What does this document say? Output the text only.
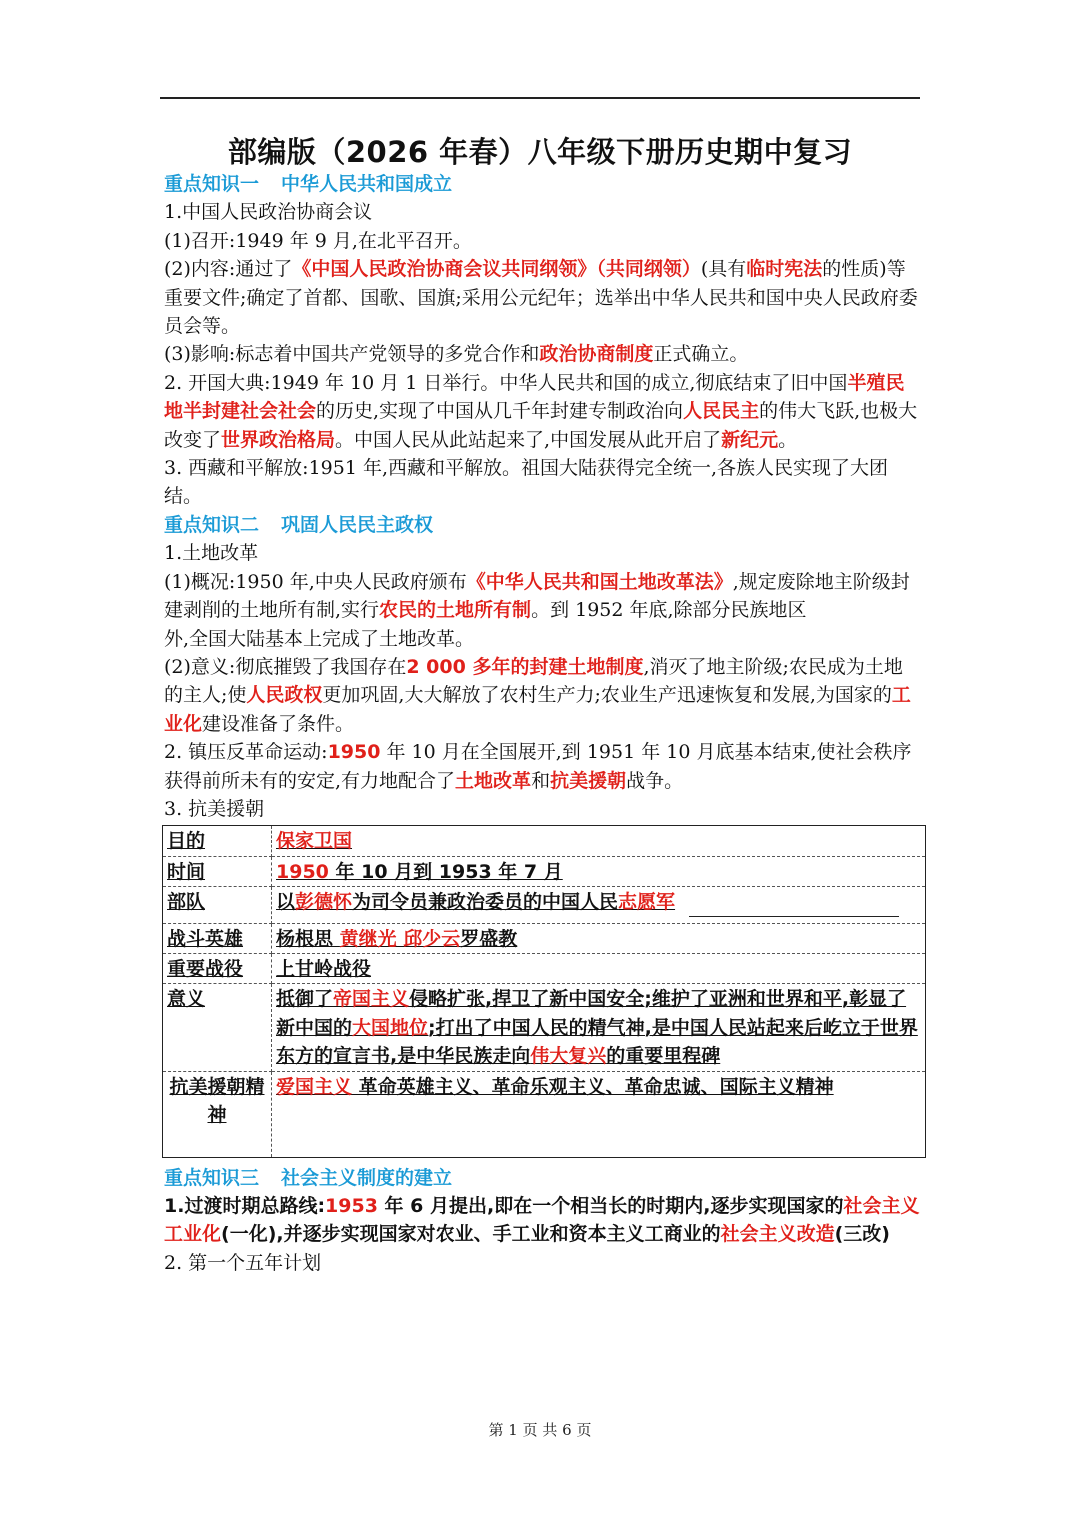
部编版（2026 年春）八年级下册历史期中复习
重点知识一 中华人民共和国成立
1.中国人民政治协商会议
(1)召开:1949 年 9 月,在北平召开。
(2)内容:通过了《中国人民政治协商会议共同纲领》（共同纲领）(具有临时宪法的性质)等重要文件;确定了首都、国歌、国旗;采用公元纪年；选举出中华人民共和国中央人民政府委员会等。
(3)影响:标志着中国共产党领导的多党合作和政治协商制度正式确立。
2. 开国大典:1949 年 10 月 1 日举行。中华人民共和国的成立,彻底结束了旧中国半殖民地半封建社会社会的历史,实现了中国从几千年封建专制政治向人民民主的伟大飞跃,也极大改变了世界政治格局。中国人民从此站起来了,中国发展从此开启了新纪元。
3. 西藏和平解放:1951 年,西藏和平解放。祖国大陆获得完全统一,各族人民实现了大团结。
重点知识二 巩固人民民主政权
1.土地改革
(1)概况:1950 年,中央人民政府颁布《中华人民共和国土地改革法》,规定废除地主阶级封建剥削的土地所有制,实行农民的土地所有制。到 1952 年底,除部分民族地区
外,全国大陆基本上完成了土地改革。
(2)意义:彻底摧毁了我国存在2 000 多年的封建土地制度,消灭了地主阶级;农民成为土地的主人;使人民政权更加巩固,大大解放了农村生产力;农业生产迅速恢复和发展,为国家的工业化建设准备了条件。
2. 镇压反革命运动:1950 年 10 月在全国展开,到 1951 年 10 月底基本结束,使社会秩序获得前所未有的安定,有力地配合了土地改革和抗美援朝战争。
3. 抗美援朝
目的	保家卫国
时间	1950 年 10 月到 1953 年 7 月
部队	以彭德怀为司令员兼政治委员的中国人民志愿军
战斗英雄	杨根思 黄继光 邱少云罗盛教
重要战役	上甘岭战役
意义	抵御了帝国主义侵略扩张,捍卫了新中国安全;维护了亚洲和世界和平,彰显了新中国的大国地位;打出了中国人民的精气神,是中国人民站起来后屹立于世界东方的宣言书,是中华民族走向伟大复兴的重要里程碑
抗美援朝精神	爱国主义 革命英雄主义、革命乐观主义、革命忠诚、国际主义精神
重点知识三 社会主义制度的建立
1.过渡时期总路线:1953 年 6 月提出,即在一个相当长的时期内,逐步实现国家的社会主义工业化(一化),并逐步实现国家对农业、手工业和资本主义工商业的社会主义改造(三改)
2. 第一个五年计划
第 1 页 共 6 页
